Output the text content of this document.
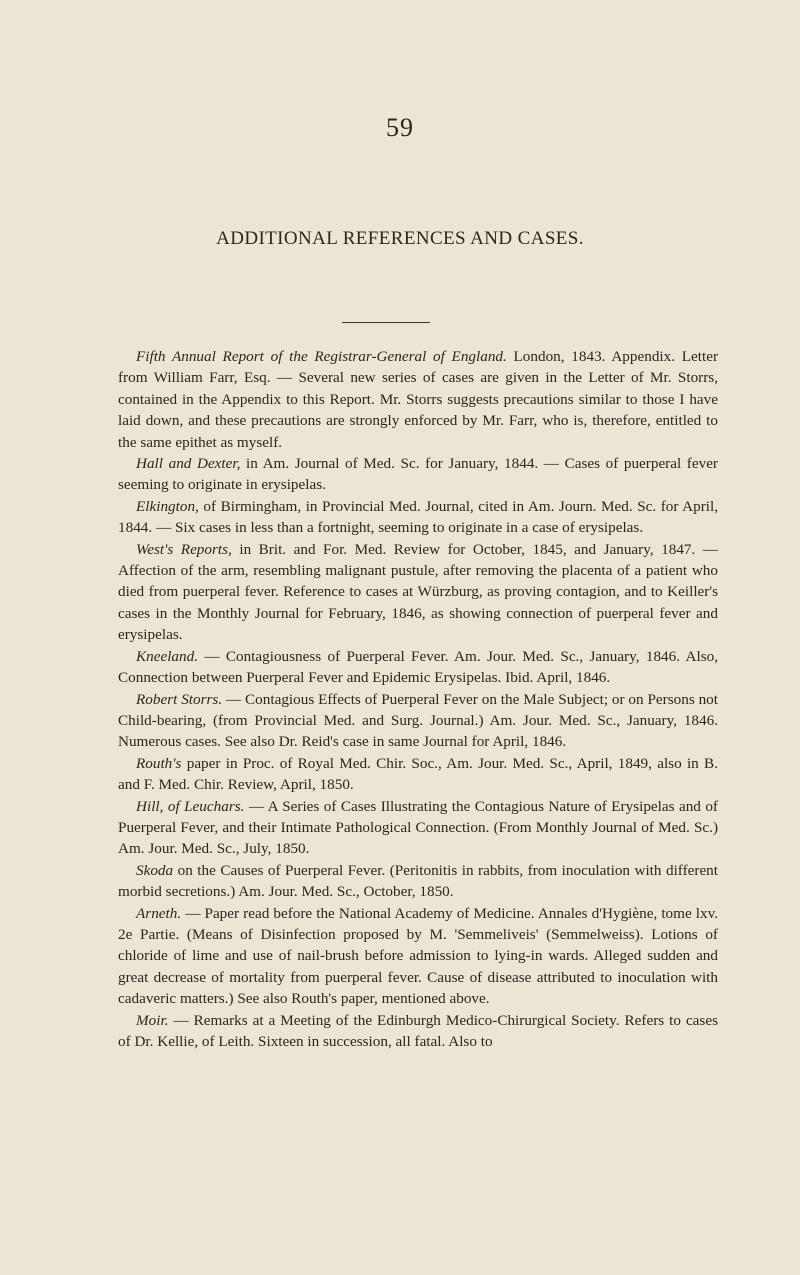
59
ADDITIONAL REFERENCES AND CASES.

Fifth Annual Report of the Registrar-General of England. London, 1843. Appendix. Letter from William Farr, Esq. — Several new series of cases are given in the Letter of Mr. Storrs, contained in the Appendix to this Report. Mr. Storrs suggests precautions similar to those I have laid down, and these precautions are strongly enforced by Mr. Farr, who is, therefore, entitled to the same epithet as myself.

Hall and Dexter, in Am. Journal of Med. Sc. for January, 1844. — Cases of puerperal fever seeming to originate in erysipelas.

Elkington, of Birmingham, in Provincial Med. Journal, cited in Am. Journ. Med. Sc. for April, 1844. — Six cases in less than a fortnight, seeming to originate in a case of erysipelas.

West's Reports, in Brit. and For. Med. Review for October, 1845, and January, 1847. — Affection of the arm, resembling malignant pustule, after removing the placenta of a patient who died from puerperal fever. Reference to cases at Würzburg, as proving contagion, and to Keiller's cases in the Monthly Journal for February, 1846, as showing connection of puerperal fever and erysipelas.

Kneeland. — Contagiousness of Puerperal Fever. Am. Jour. Med. Sc., January, 1846. Also, Connection between Puerperal Fever and Epidemic Erysipelas. Ibid. April, 1846.

Robert Storrs. — Contagious Effects of Puerperal Fever on the Male Subject; or on Persons not Child-bearing, (from Provincial Med. and Surg. Journal.) Am. Jour. Med. Sc., January, 1846. Numerous cases. See also Dr. Reid's case in same Journal for April, 1846.

Routh's paper in Proc. of Royal Med. Chir. Soc., Am. Jour. Med. Sc., April, 1849, also in B. and F. Med. Chir. Review, April, 1850.

Hill, of Leuchars. — A Series of Cases Illustrating the Contagious Nature of Erysipelas and of Puerperal Fever, and their Intimate Pathological Connection. (From Monthly Journal of Med. Sc.) Am. Jour. Med. Sc., July, 1850.

Skoda on the Causes of Puerperal Fever. (Peritonitis in rabbits, from inoculation with different morbid secretions.) Am. Jour. Med. Sc., October, 1850.

Arneth. — Paper read before the National Academy of Medicine. Annales d'Hygiène, tome lxv. 2e Partie. (Means of Disinfection proposed by M. 'Semmeliveis' (Semmelweiss). Lotions of chloride of lime and use of nail-brush before admission to lying-in wards. Alleged sudden and great decrease of mortality from puerperal fever. Cause of disease attributed to inoculation with cadaveric matters.) See also Routh's paper, mentioned above.

Moir. — Remarks at a Meeting of the Edinburgh Medico-Chirurgical Society. Refers to cases of Dr. Kellie, of Leith. Sixteen in succession, all fatal. Also to
